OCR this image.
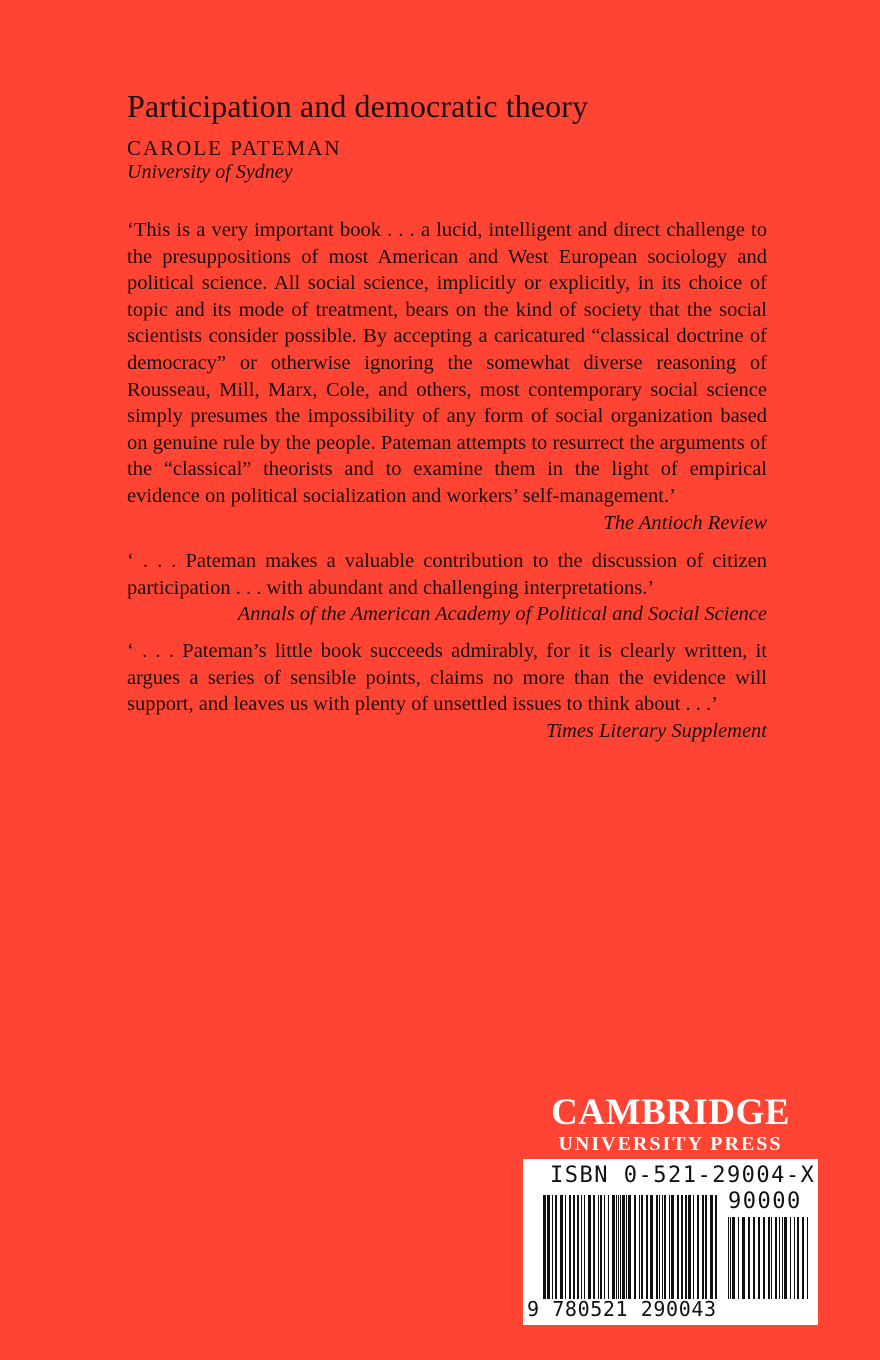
Participation and democratic theory
CAROLE PATEMAN
University of Sydney

‘This is a very important book . . . a lucid, intelligent and direct challenge to the presuppositions of most American and West European sociology and political science. All social science, implicitly or explicitly, in its choice of topic and its mode of treatment, bears on the kind of society that the social scientists consider possible. By accepting a caricatured “classical doctrine of democracy” or otherwise ignoring the somewhat diverse reasoning of Rousseau, Mill, Marx, Cole, and others, most contemporary social science simply presumes the impossibility of any form of social organization based on genuine rule by the people. Pateman attempts to resurrect the arguments of the “classical” theorists and to examine them in the light of empirical evidence on political socialization and workers’ self-management.’
The Antioch Review

‘ . . . Pateman makes a valuable contribution to the discussion of citizen participation . . . with abundant and challenging interpretations.’
Annals of the American Academy of Political and Social Science

‘ . . . Pateman’s little book succeeds admirably, for it is clearly written, it argues a series of sensible points, claims no more than the evidence will support, and leaves us with plenty of unsettled issues to think about . . .’
Times Literary Supplement

CAMBRIDGE
UNIVERSITY PRESS
ISBN 0-521-29004-X
90000
9 780521 290043
